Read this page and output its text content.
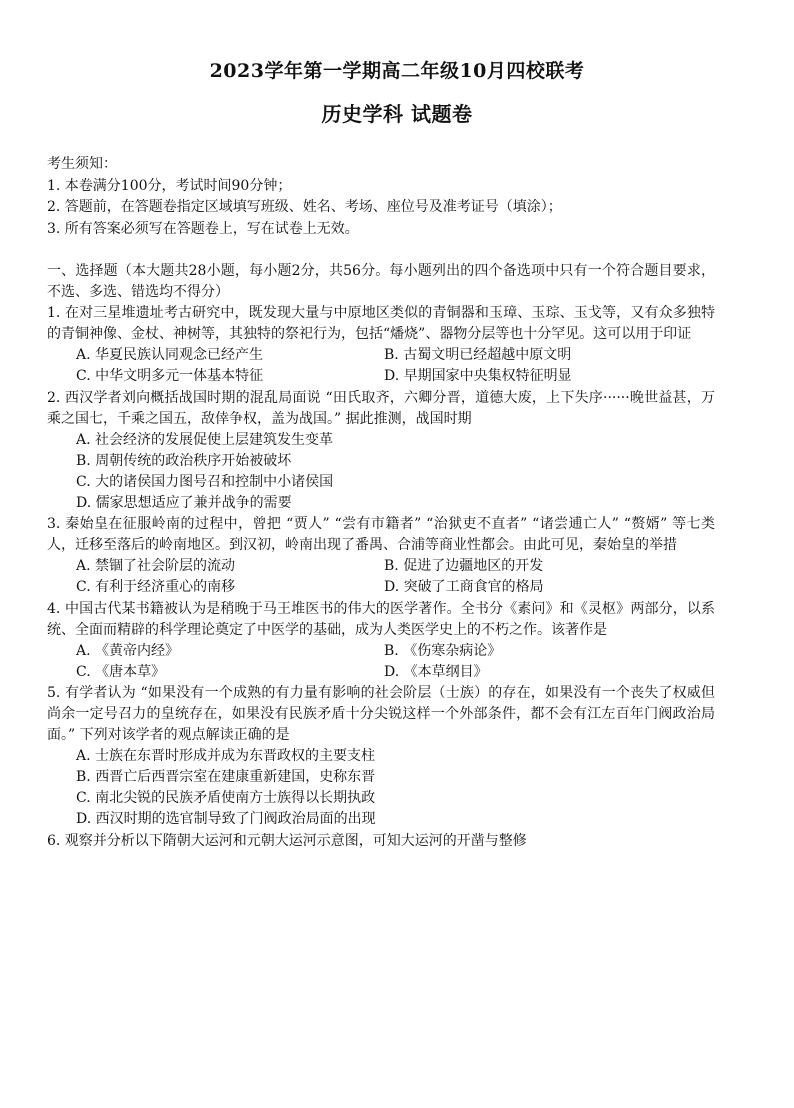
2023学年第一学期高二年级10月四校联考
历史学科 试题卷
考生须知：
1. 本卷满分100分，考试时间90分钟；
2. 答题前，在答题卷指定区域填写班级、姓名、考场、座位号及准考证号（填涂）；
3. 所有答案必须写在答题卷上，写在试卷上无效。
一、选择题（本大题共28小题，每小题2分，共56分。每小题列出的四个备选项中只有一个符合题目要求，不选、多选、错选均不得分）
1. 在对三星堆遗址考古研究中，既发现大量与中原地区类似的青铜器和玉璋、玉琮、玉戈等，又有众多独特的青铜神像、金杖、神树等，其独特的祭祀行为，包括“燔烧”、器物分层等也十分罕见。这可以用于印证
A. 华夏民族认同观念已经产生	B. 古蜀文明已经超越中原文明
C. 中华文明多元一体基本特征	D. 早期国家中央集权特征明显
2. 西汉学者刘向概括战国时期的混乱局面说 “田氏取齐，六卿分晋，道德大废，上下失序······晚世益甚，万乘之国七，千乘之国五，敌倖争权，盖为战国。” 据此推测，战国时期
A. 社会经济的发展促使上层建筑发生变革
B. 周朝传统的政治秩序开始被破坏
C. 大的诸侯国力图号召和控制中小诸侯国
D. 儒家思想适应了兼并战争的需要
3. 秦始皇在征服岭南的过程中，曾把 “贾人” “尝有市籍者” “治狱吏不直者” “诸尝逋亡人” “赘婿” 等七类人，迁移至落后的岭南地区。到汉初，岭南出现了番禺、合浦等商业性都会。由此可见，秦始皇的举措
A. 禁锢了社会阶层的流动	B. 促进了边疆地区的开发
C. 有利于经济重心的南移	D. 突破了工商食官的格局
4. 中国古代某书籍被认为是稍晚于马王堆医书的伟大的医学著作。全书分《素问》和《灵枢》两部分，以系统、全面而精辟的科学理论奠定了中医学的基础，成为人类医学史上的不朽之作。该著作是
A. 《黄帝内经》	B. 《伤寒杂病论》
C. 《唐本草》	D. 《本草纲目》
5. 有学者认为 “如果没有一个成熟的有力量有影响的社会阶层（士族）的存在，如果没有一个丧失了权威但尚余一定号召力的皇统存在，如果没有民族矛盾十分尖锐这样一个外部条件，都不会有江左百年门阀政治局面。” 下列对该学者的观点解读正确的是
A. 士族在东晋时形成并成为东晋政权的主要支柱
B. 西晋亡后西晋宗室在建康重新建国，史称东晋
C. 南北尖锐的民族矛盾使南方士族得以长期执政
D. 西汉时期的选官制导致了门阀政治局面的出现
6. 观察并分析以下隋朝大运河和元朝大运河示意图，可知大运河的开凿与整修
